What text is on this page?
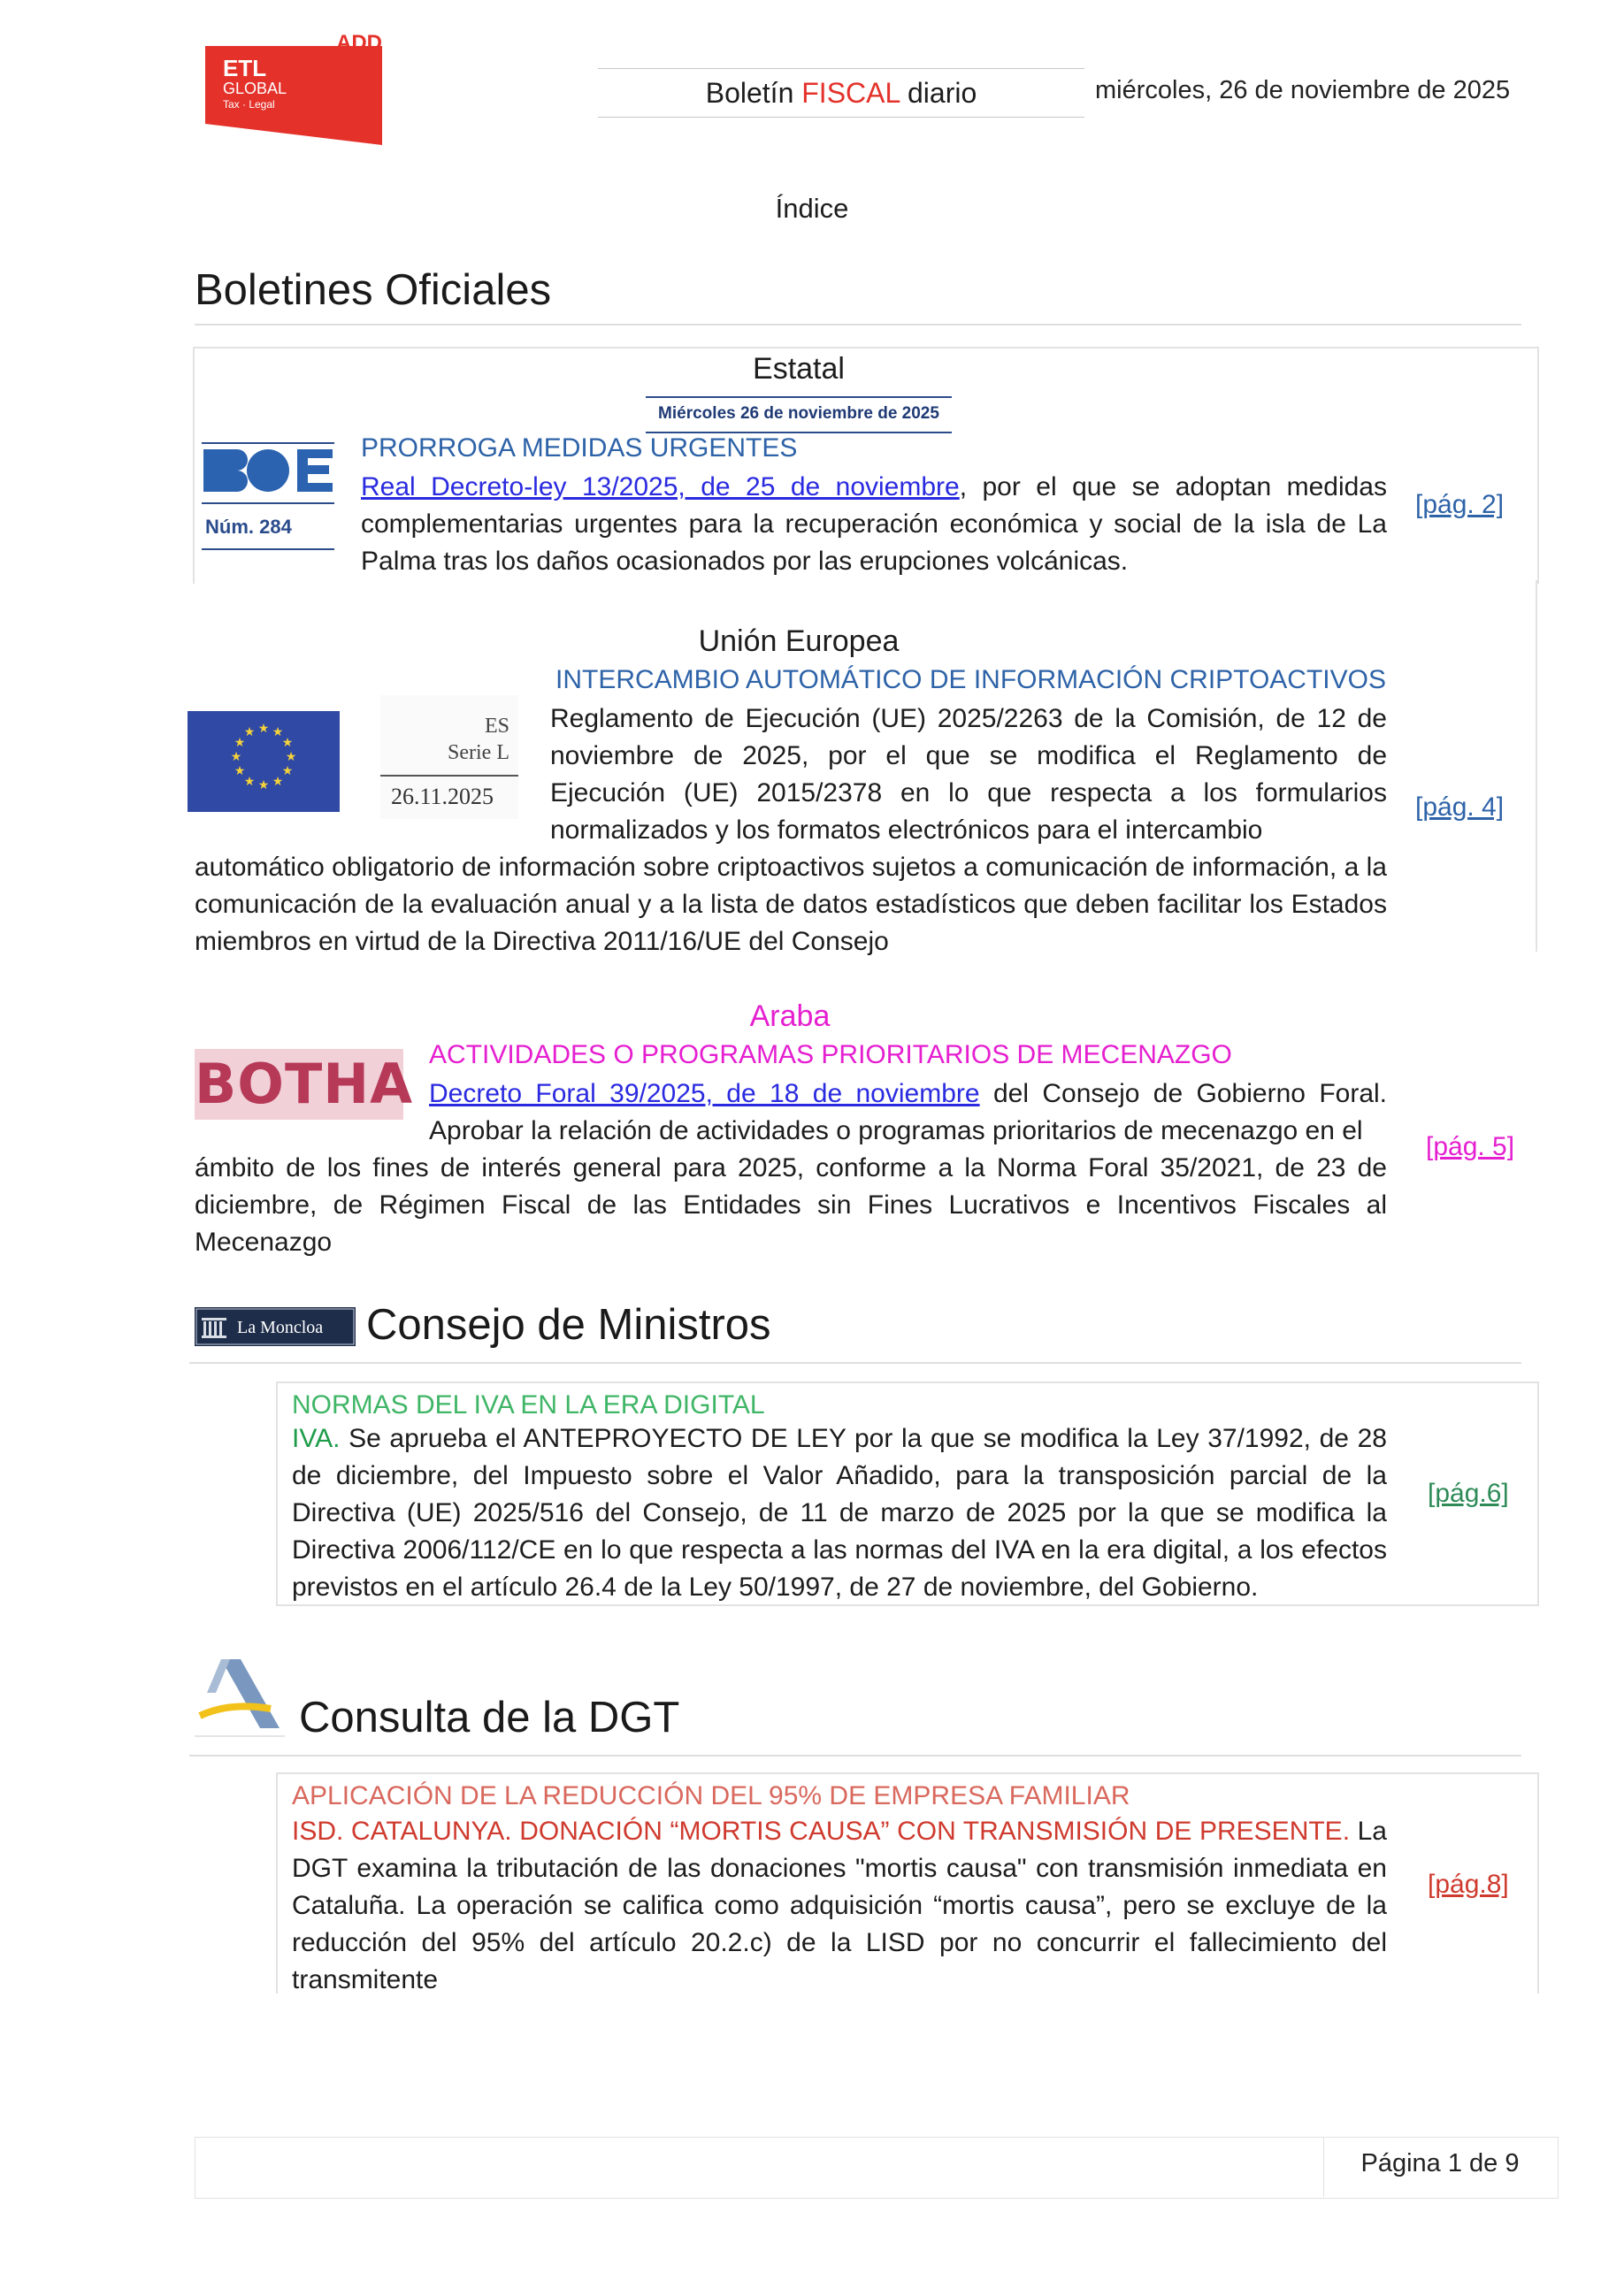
ADD
ETL
GLOBAL
Tax · Legal	Boletín FISCAL diario	miércoles, 26 de noviembre de 2025
Índice
Boletines Oficiales
Estatal
Miércoles 26 de noviembre de 2025
Núm. 284
PRORROGA MEDIDAS URGENTES
Real Decreto-ley 13/2025, de 25 de noviembre, por el que se adoptan medidas complementarias urgentes para la recuperación económica y social de la isla de La Palma tras los daños ocasionados por las erupciones volcánicas.
[pág. 2]
Unión Europea
INTERCAMBIO AUTOMÁTICO DE INFORMACIÓN CRIPTOACTIVOS
★ ★
★
★
★
★
★
★
★
★
★
★	ES
Serie L
26.11.2025
Reglamento de Ejecución (UE) 2025/2263 de la Comisión, de 12 de noviembre de 2025, por el que se modifica el Reglamento de Ejecución (UE) 2015/2378 en lo que respecta a los formularios normalizados y los formatos electrónicos para el intercambio
automático obligatorio de información sobre criptoactivos sujetos a comunicación de información, a la comunicación de la evaluación anual y a la lista de datos estadísticos que deben facilitar los Estados miembros en virtud de la Directiva 2011/16/UE del Consejo
[pág. 4]
Araba
BOTHA ACTIVIDADES O PROGRAMAS PRIORITARIOS DE MECENAZGO
Decreto Foral 39/2025, de 18 de noviembre del Consejo de Gobierno Foral. Aprobar la relación de actividades o programas prioritarios de mecenazgo en el
ámbito de los fines de interés general para 2025, conforme a la Norma Foral 35/2021, de 23 de diciembre, de Régimen Fiscal de las Entidades sin Fines Lucrativos e Incentivos Fiscales al Mecenazgo
[pág. 5]
La Moncloa Consejo de Ministros
NORMAS DEL IVA EN LA ERA DIGITAL
IVA. Se aprueba el ANTEPROYECTO DE LEY por la que se modifica la Ley 37/1992, de 28 de diciembre, del Impuesto sobre el Valor Añadido, para la transposición parcial de la Directiva (UE) 2025/516 del Consejo, de 11 de marzo de 2025 por la que se modifica la Directiva 2006/112/CE en lo que respecta a las normas del IVA en la era digital, a los efectos previstos en el artículo 26.4 de la Ley 50/1997, de 27 de noviembre, del Gobierno.
[pág.6]
Consulta de la DGT
APLICACIÓN DE LA REDUCCIÓN DEL 95% DE EMPRESA FAMILIAR
ISD. CATALUNYA. DONACIÓN “MORTIS CAUSA” CON TRANSMISIÓN DE PRESENTE. La DGT examina la tributación de las donaciones "mortis causa" con transmisión inmediata en Cataluña. La operación se califica como adquisición “mortis causa”, pero se excluye de la reducción del 95% del artículo 20.2.c) de la LISD por no concurrir el fallecimiento del transmitente
[pág.8]
Página 1 de 9
